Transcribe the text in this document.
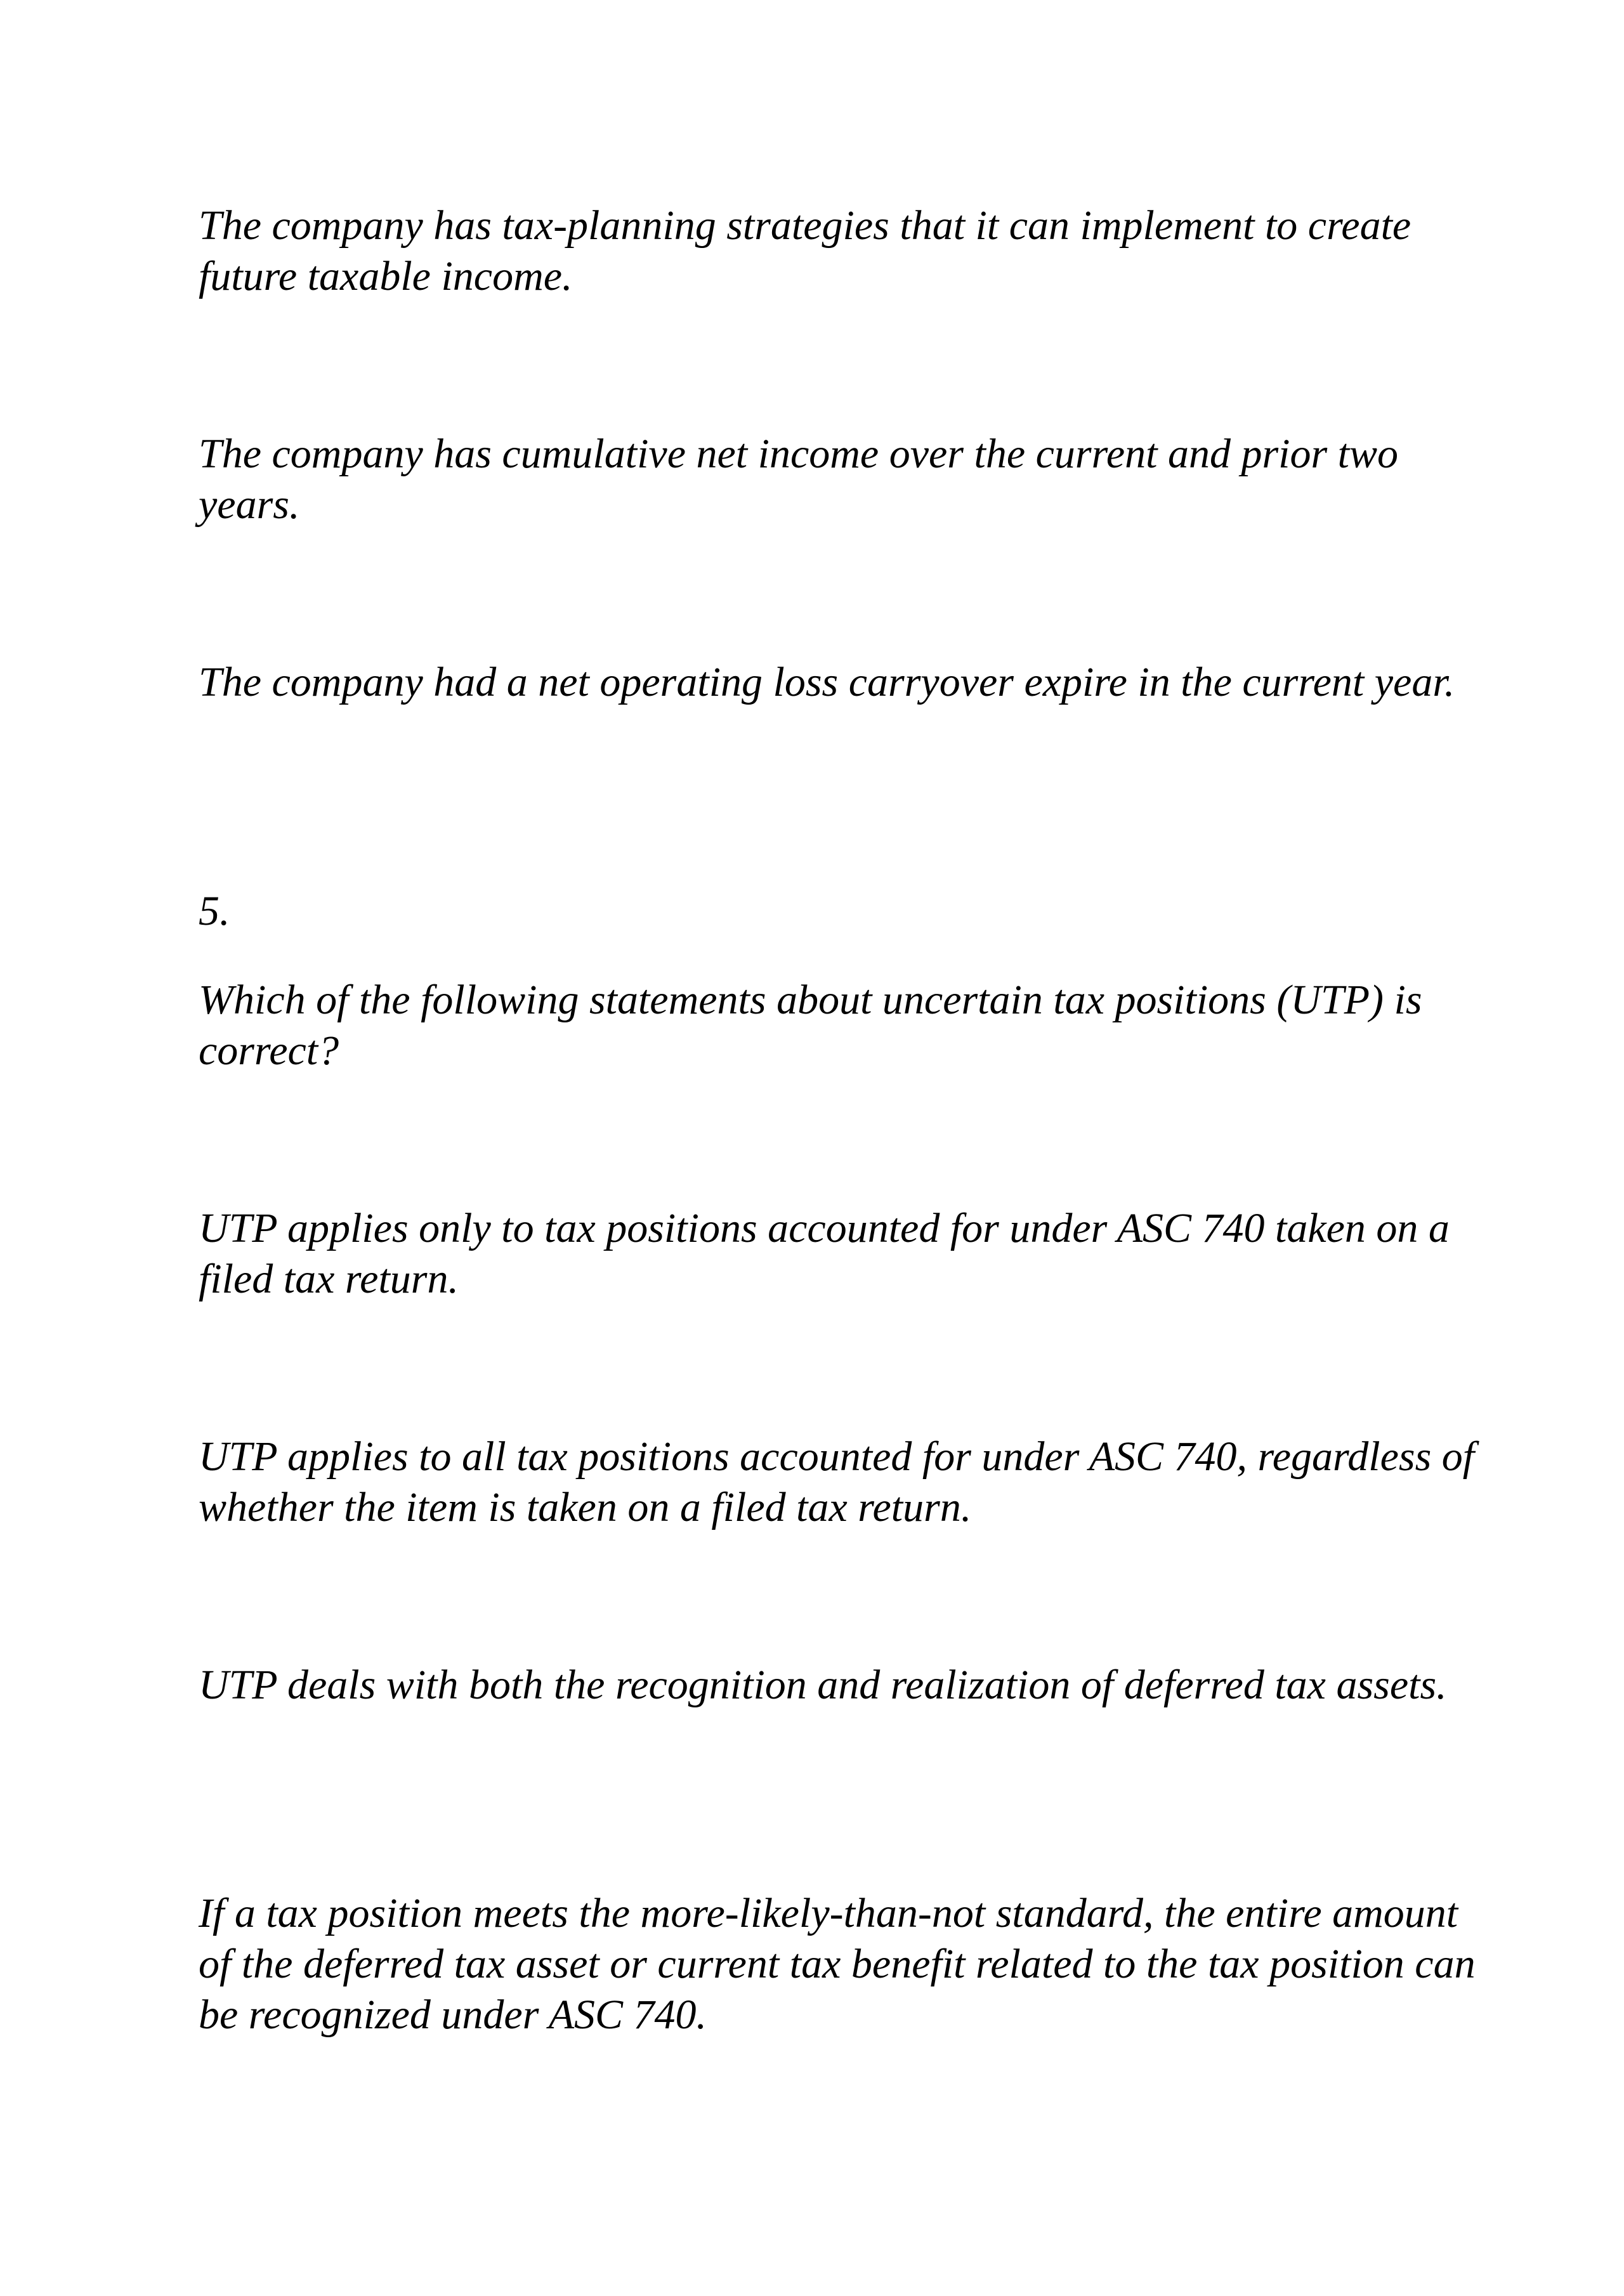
The company has tax-planning strategies that it can implement to create future taxable income.

The company has cumulative net income over the current and prior two years.

The company had a net operating loss carryover expire in the current year.

5.

Which of the following statements about uncertain tax positions (UTP) is correct?

UTP applies only to tax positions accounted for under ASC 740 taken on a filed tax return.

UTP applies to all tax positions accounted for under ASC 740, regardless of whether the item is taken on a filed tax return.

UTP deals with both the recognition and realization of deferred tax assets.

If a tax position meets the more-likely-than-not standard, the entire amount of the deferred tax asset or current tax benefit related to the tax position can be recognized under ASC 740.
